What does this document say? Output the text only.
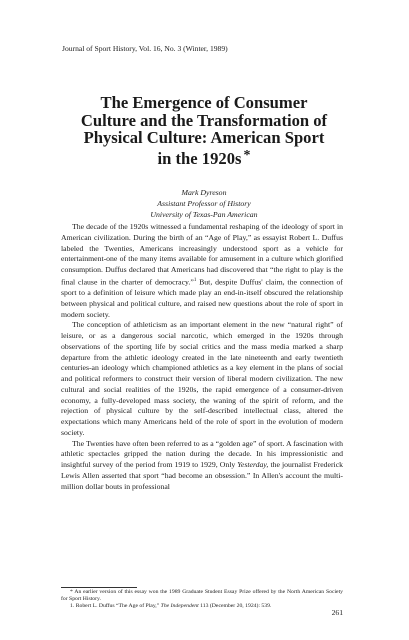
Journal of Sport History, Vol. 16, No. 3 (Winter, 1989)
The Emergence of Consumer
Culture and the Transformation of
Physical Culture: American Sport
in the 1920s *
Mark Dyreson
Assistant Professor of History
University of Texas-Pan American

The decade of the 1920s witnessed a fundamental reshaping of the ideology of sport in American civilization. During the birth of an “Age of Play,” as essayist Robert L. Duffus labeled the Twenties, Americans increasingly understood sport as a vehicle for entertainment-one of the many items available for amusement in a culture which glorified consumption. Duffus declared that Americans had discovered that “the right to play is the final clause in the charter of democracy.”$^1$ But, despite Duffus' claim, the connection of sport to a definition of leisure which made play an end-in-itself obscured the relationship between physical and political culture, and raised new questions about the role of sport in modern society.

The conception of athleticism as an important element in the new “natural right” of leisure, or as a dangerous social narcotic, which emerged in the 1920s through observations of the sporting life by social critics and the mass media marked a sharp departure from the athletic ideology created in the late nineteenth and early twentieth centuries-an ideology which championed athletics as a key element in the plans of social and political reformers to construct their version of liberal modern civilization. The new cultural and social realities of the 1920s, the rapid emergence of a consumer-driven economy, a fully-developed mass society, the waning of the spirit of reform, and the rejection of physical culture by the self-described intellectual class, altered the expectations which many Americans held of the role of sport in the evolution of modern society.

The Twenties have often been referred to as a “golden age” of sport. A fascination with athletic spectacles gripped the nation during the decade. In his impressionistic and insightful survey of the period from 1919 to 1929, Only Yesterday, the journalist Frederick Lewis Allen asserted that sport “had become an obsession.” In Allen's account the multi-million dollar bouts in professional

* An earlier version of this essay won the 1989 Graduate Student Essay Prize offered by the North American Society for Sport History.

1. Robert L. Duffus “The Age of Play,” The Independent 113 (December 20, 1924): 539.

261
